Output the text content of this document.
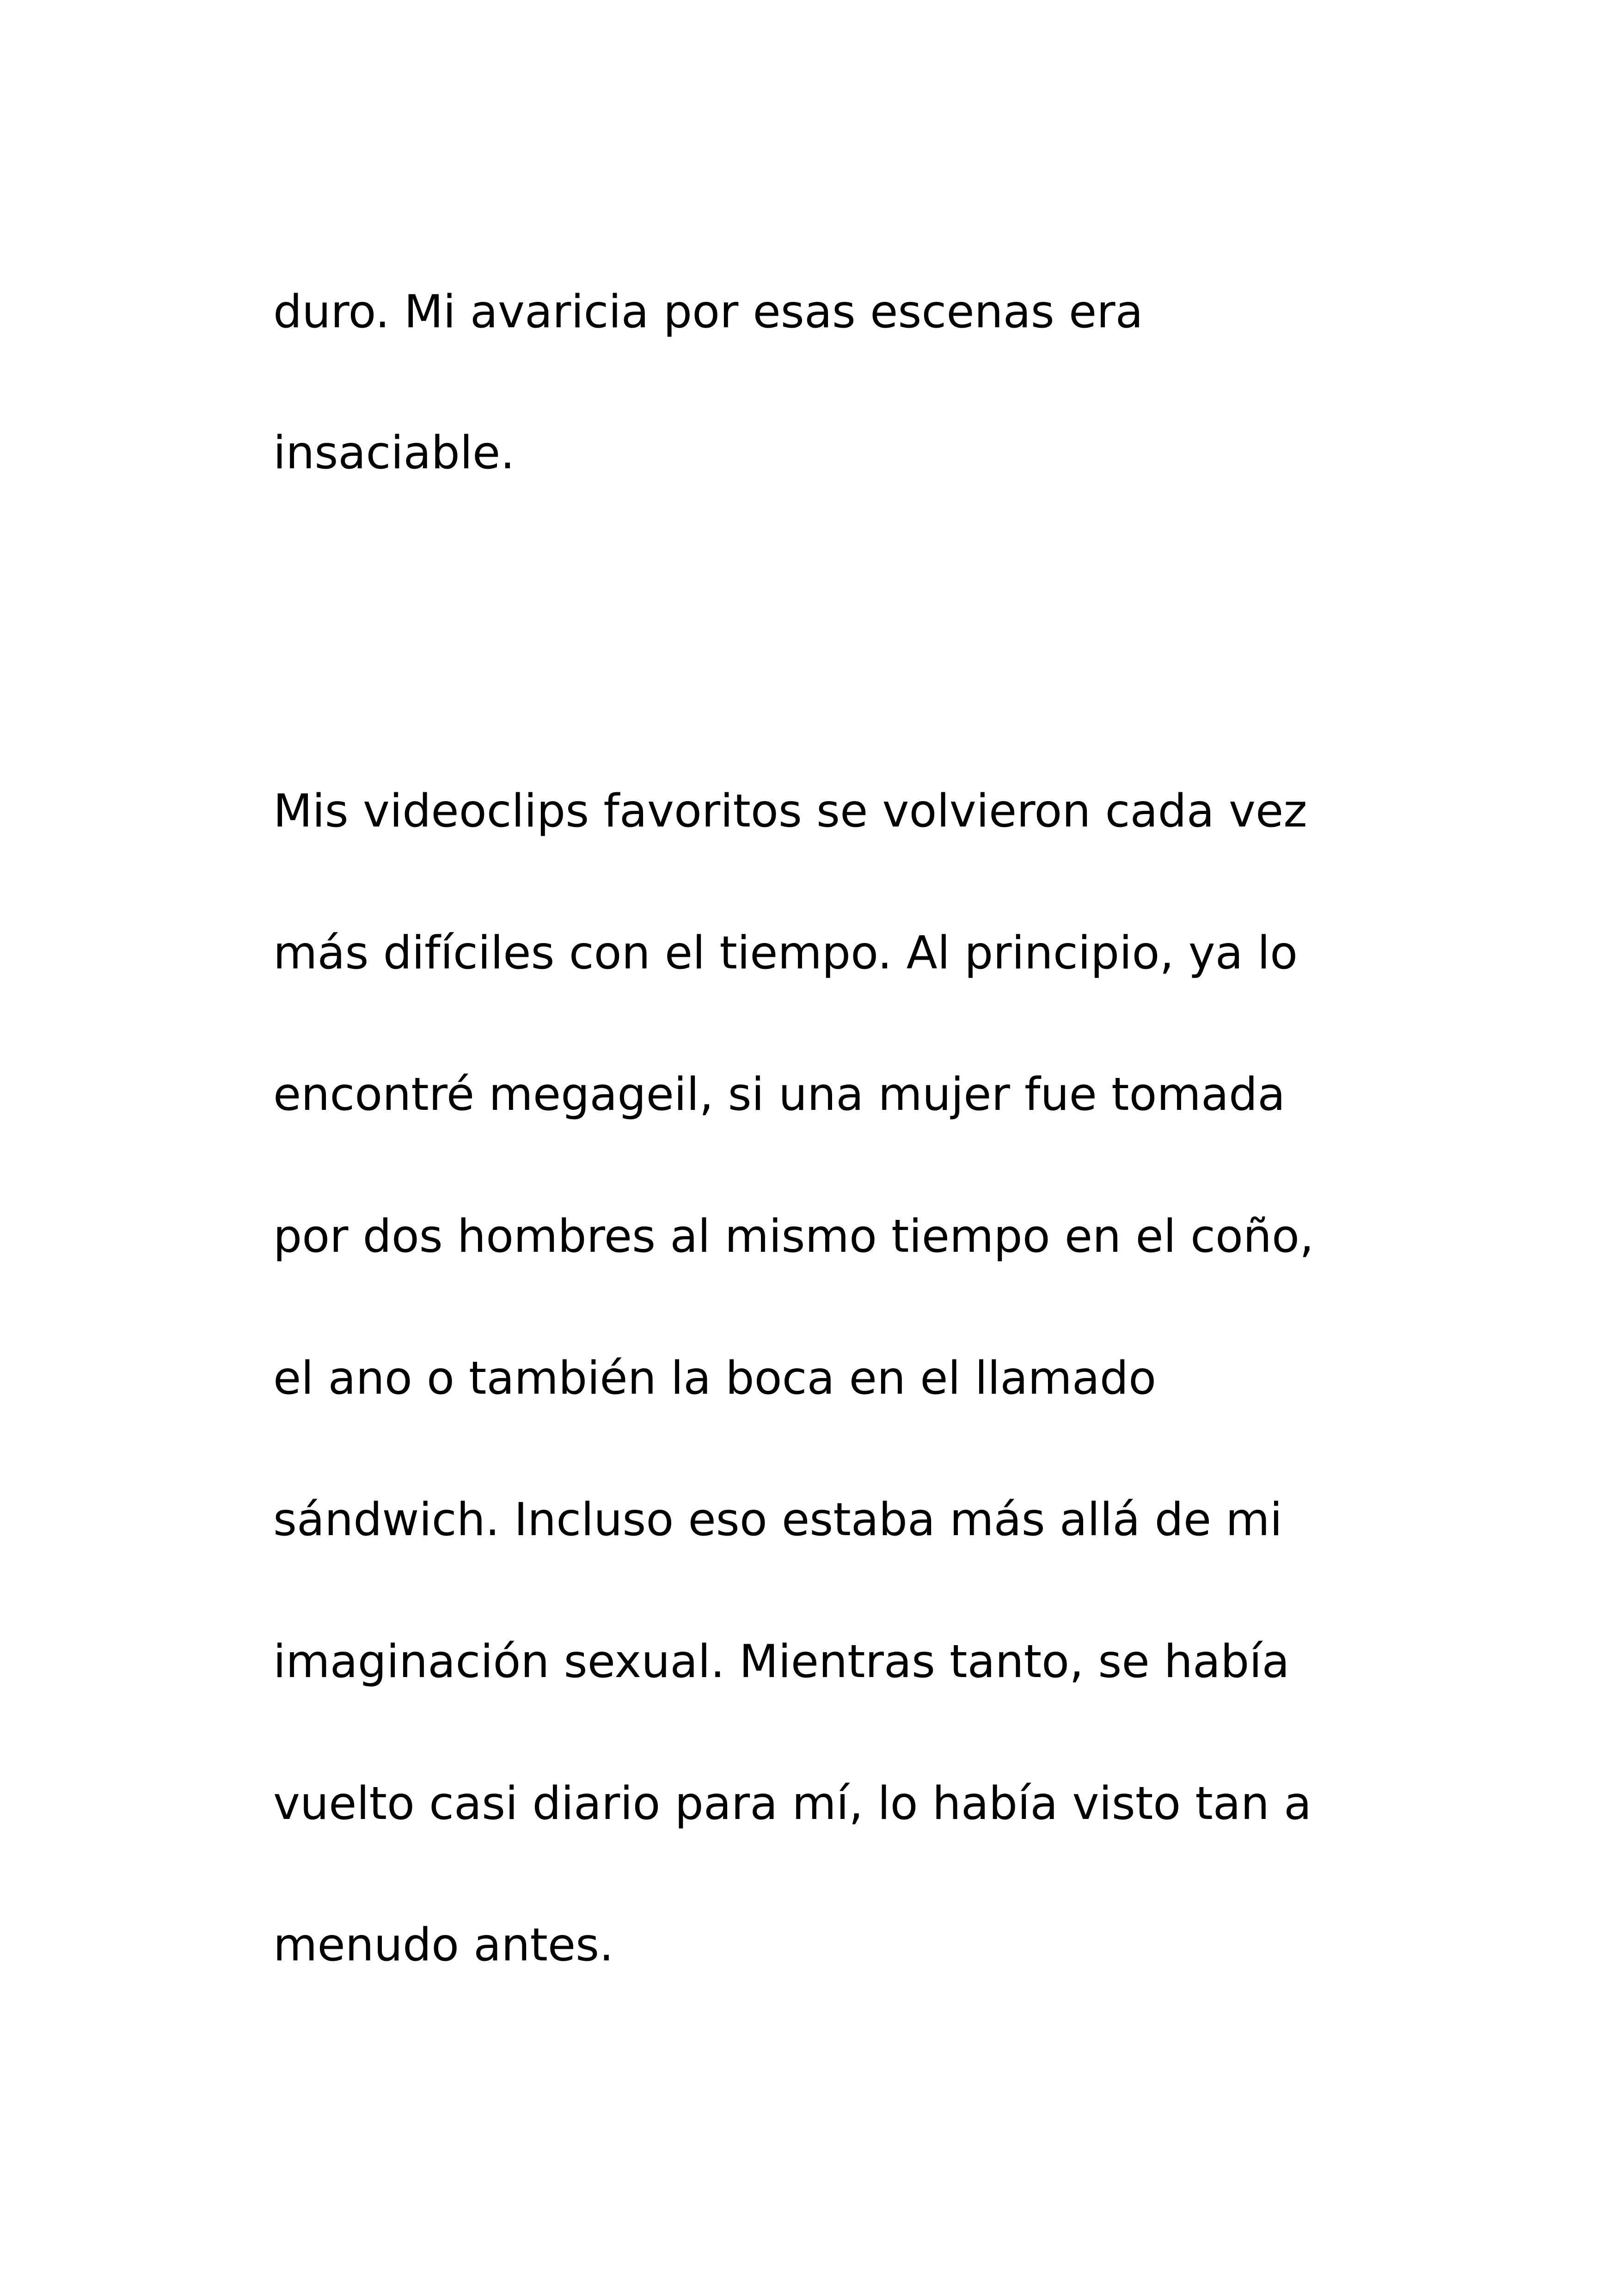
duro. Mi avaricia por esas escenas era
insaciable.
Mis videoclips favoritos se volvieron cada vez
más difíciles con el tiempo. Al principio, ya lo
encontré megageil, si una mujer fue tomada
por dos hombres al mismo tiempo en el coño,
el ano o también la boca en el llamado
sándwich. Incluso eso estaba más allá de mi
imaginación sexual. Mientras tanto, se había
vuelto casi diario para mí, lo había visto tan a
menudo antes.
